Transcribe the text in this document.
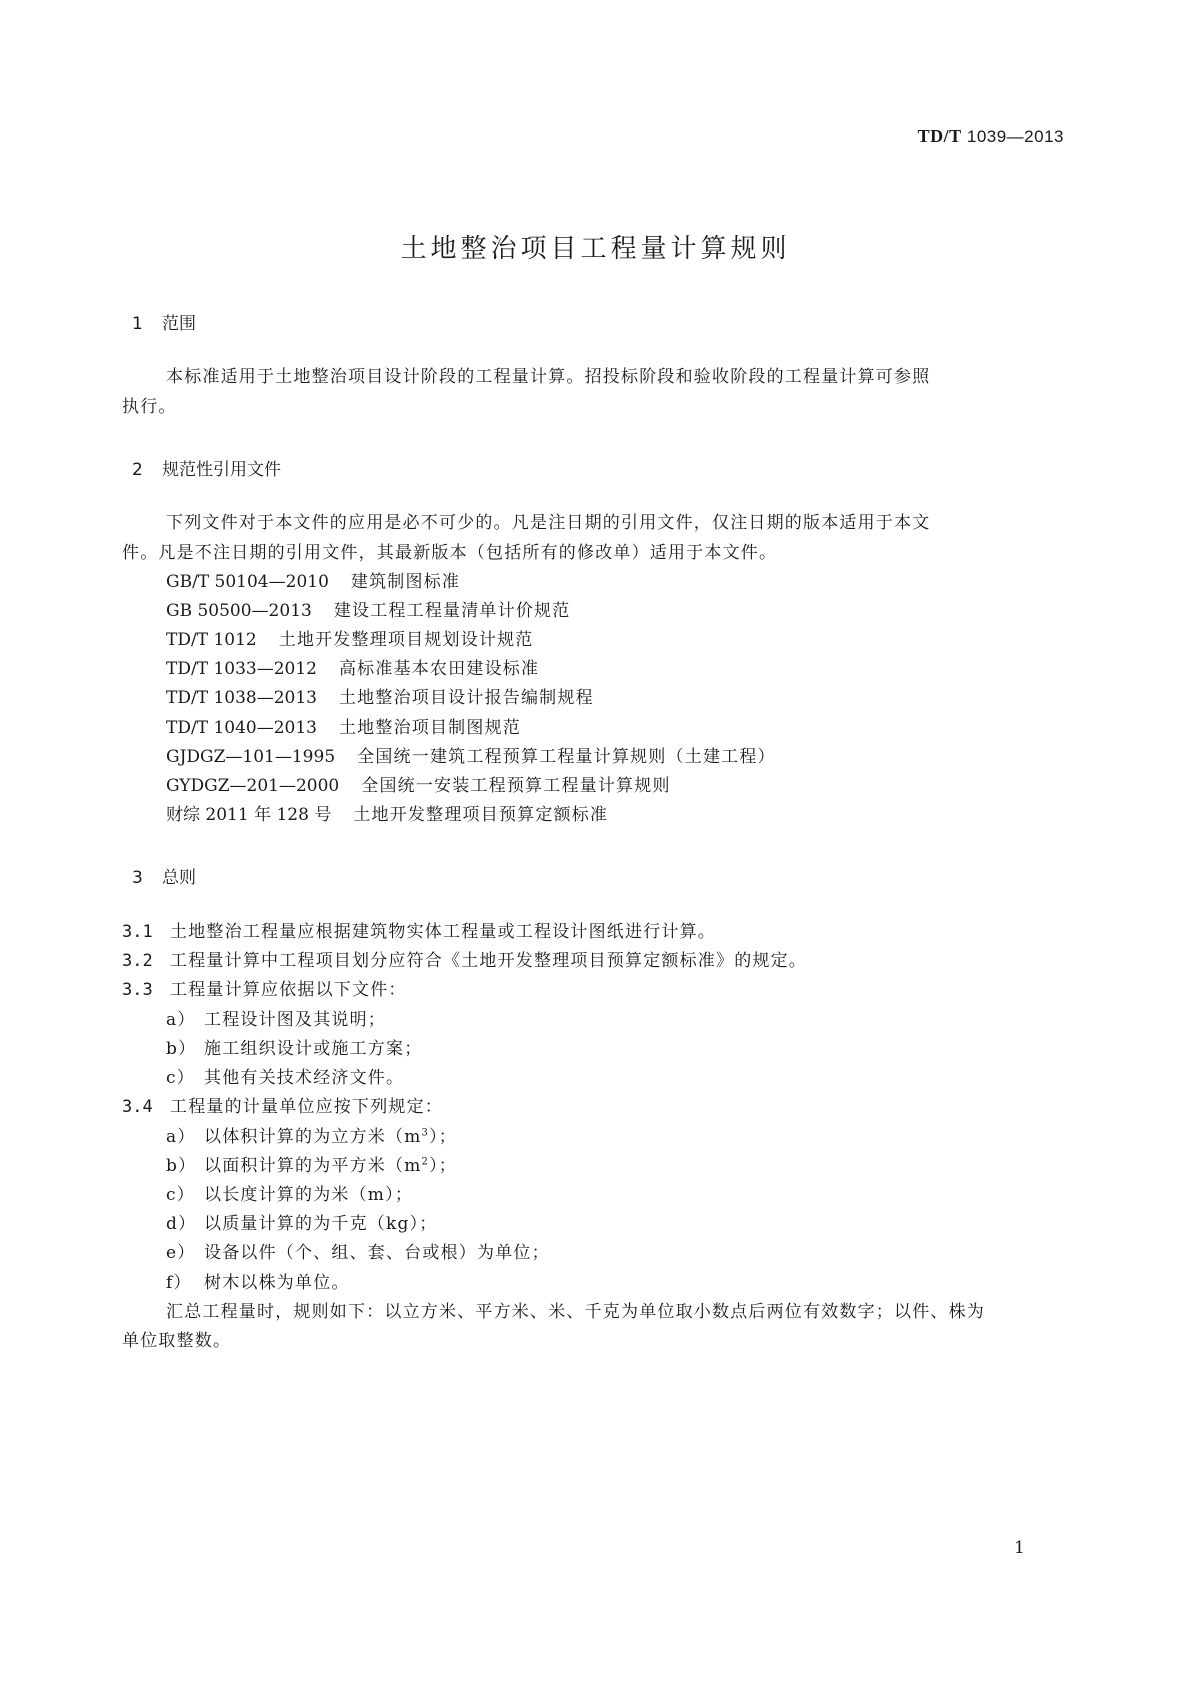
TD/T 1039—2013
土地整治项目工程量计算规则
1 范围
本标准适用于土地整治项目设计阶段的工程量计算。招投标阶段和验收阶段的工程量计算可参照
执行。
2 规范性引用文件
下列文件对于本文件的应用是必不可少的。凡是注日期的引用文件，仅注日期的版本适用于本文
件。凡是不注日期的引用文件，其最新版本（包括所有的修改单）适用于本文件。
GB/T 50104—2010 建筑制图标准
GB 50500—2013 建设工程工程量清单计价规范
TD/T 1012 土地开发整理项目规划设计规范
TD/T 1033—2012 高标准基本农田建设标准
TD/T 1038—2013 土地整治项目设计报告编制规程
TD/T 1040—2013 土地整治项目制图规范
GJDGZ—101—1995 全国统一建筑工程预算工程量计算规则（土建工程）
GYDGZ—201—2000 全国统一安装工程预算工程量计算规则
财综 2011 年 128 号 土地开发整理项目预算定额标准
3 总则
3.1 土地整治工程量应根据建筑物实体工程量或工程设计图纸进行计算。
3.2 工程量计算中工程项目划分应符合《土地开发整理项目预算定额标准》的规定。
3.3 工程量计算应依据以下文件：
a） 工程设计图及其说明；
b） 施工组织设计或施工方案；
c） 其他有关技术经济文件。
3.4 工程量的计量单位应按下列规定：
a） 以体积计算的为立方米$(m^3)$；
b） 以面积计算的为平方米$(m^2)$；
c） 以长度计算的为米（m）；
d） 以质量计算的为千克（kg）；
e） 设备以件（个、组、套、台或根）为单位；
f） 树木以株为单位。
汇总工程量时，规则如下：以立方米、平方米、米、千克为单位取小数点后两位有效数字；以件、株为
单位取整数。
1
